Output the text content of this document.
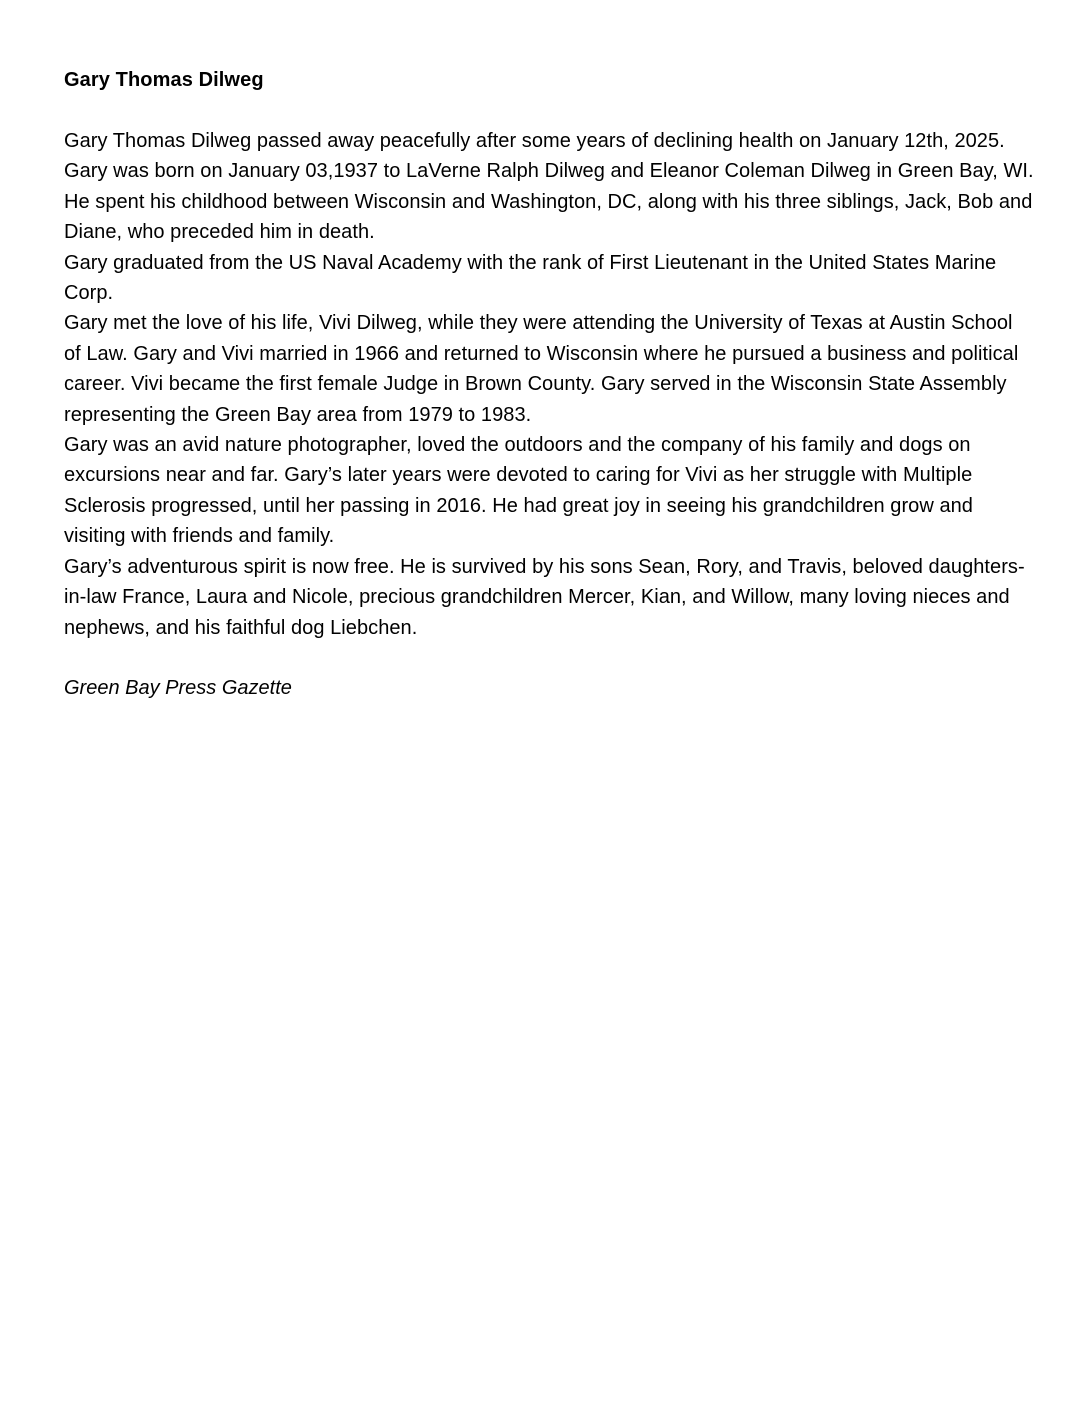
Gary Thomas Dilweg

Gary Thomas Dilweg passed away peacefully after some years of declining health on January 12th, 2025.

Gary was born on January 03,1937 to LaVerne Ralph Dilweg and Eleanor Coleman Dilweg in Green Bay, WI. He spent his childhood between Wisconsin and Washington, DC, along with his three siblings, Jack, Bob and Diane, who preceded him in death.

Gary graduated from the US Naval Academy with the rank of First Lieutenant in the United States Marine Corp.

Gary met the love of his life, Vivi Dilweg, while they were attending the University of Texas at Austin School of Law. Gary and Vivi married in 1966 and returned to Wisconsin where he pursued a business and political career. Vivi became the first female Judge in Brown County. Gary served in the Wisconsin State Assembly representing the Green Bay area from 1979 to 1983.

Gary was an avid nature photographer, loved the outdoors and the company of his family and dogs on excursions near and far. Gary’s later years were devoted to caring for Vivi as her struggle with Multiple Sclerosis progressed, until her passing in 2016. He had great joy in seeing his grandchildren grow and visiting with friends and family.

Gary’s adventurous spirit is now free. He is survived by his sons Sean, Rory, and Travis, beloved daughters-in-law France, Laura and Nicole, precious grandchildren Mercer, Kian, and Willow, many loving nieces and nephews, and his faithful dog Liebchen.

Green Bay Press Gazette
